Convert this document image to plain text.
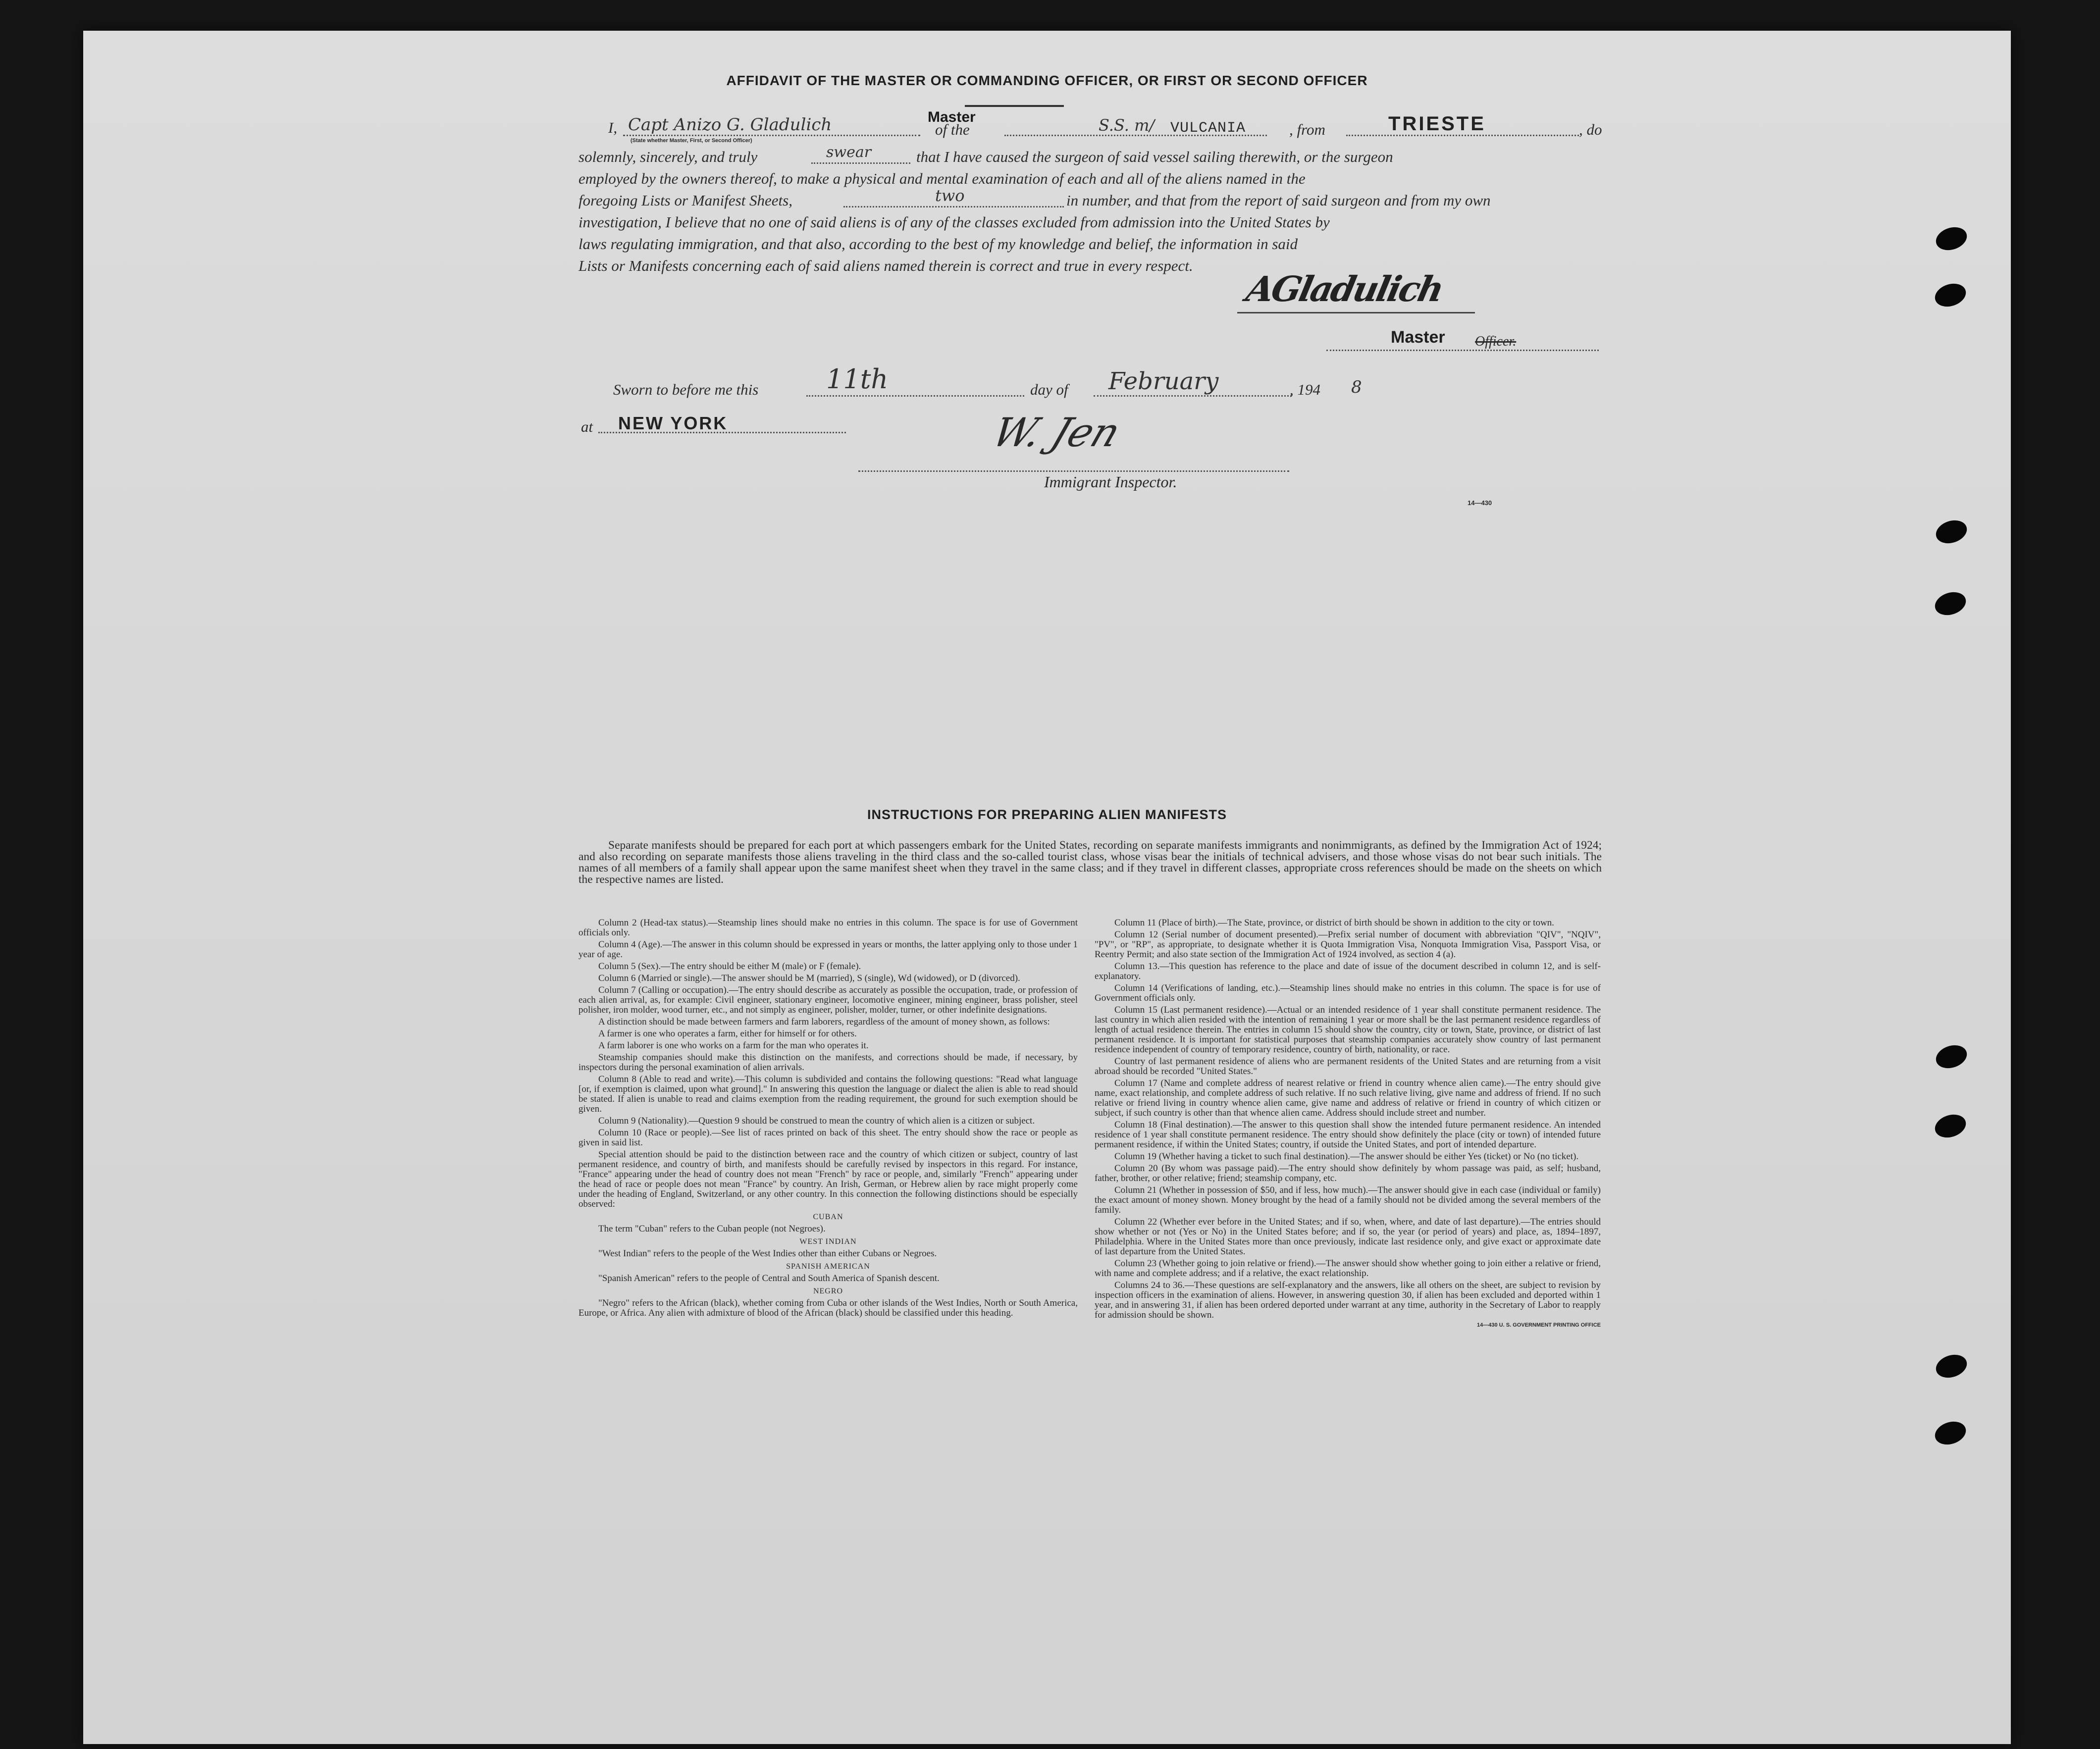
AFFIDAVIT OF THE MASTER OR COMMANDING OFFICER, OR FIRST OR SECOND OFFICER
I, Capt Anizo G. Gladulich
(State whether Master, First, or Second Officer)
Master
of the	S.S. m/ VULCANIA	, from	TRIESTE	, do
solemnly, sincerely, and truly	swear	that I have caused the surgeon of said vessel sailing therewith, or the surgeon
employed by the owners thereof, to make a physical and mental examination of each and all of the aliens named in the
foregoing Lists or Manifest Sheets,	two	in number, and that from the report of said surgeon and from my own
investigation, I believe that no one of said aliens is of any of the classes excluded from admission into the United States by
laws regulating immigration, and that also, according to the best of my knowledge and belief, the information in said
Lists or Manifests concerning each of said aliens named therein is correct and true in every respect.
AGladulich
Master Officer.
Sworn to before me this	11th	day of February	, 194 8
at NEW YORK	W. Jen
Immigrant Inspector.
14—430
INSTRUCTIONS FOR PREPARING ALIEN MANIFESTS
Separate manifests should be prepared for each port at which passengers embark for the United States, recording on separate manifests immigrants and nonimmigrants, as defined by the Immigration Act of 1924; and also recording on separate manifests those aliens traveling in the third class and the so-called tourist class, whose visas bear the initials of technical advisers, and those whose visas do not bear such initials. The names of all members of a family shall appear upon the same manifest sheet when they travel in the same class; and if they travel in different classes, appropriate cross references should be made on the sheets on which the respective names are listed.

Column 2 (Head-tax status).—Steamship lines should make no entries in this column. The space is for use of Government officials only.

Column 4 (Age).—The answer in this column should be expressed in years or months, the latter applying only to those under 1 year of age.

Column 5 (Sex).—The entry should be either M (male) or F (female).

Column 6 (Married or single).—The answer should be M (married), S (single), Wd (widowed), or D (divorced).

Column 7 (Calling or occupation).—The entry should describe as accurately as possible the occupation, trade, or profession of each alien arrival, as, for example: Civil engineer, stationary engineer, locomotive engineer, mining engineer, brass polisher, steel polisher, iron molder, wood turner, etc., and not simply as engineer, polisher, molder, turner, or other indefinite designations.

A distinction should be made between farmers and farm laborers, regardless of the amount of money shown, as follows:

A farmer is one who operates a farm, either for himself or for others.

A farm laborer is one who works on a farm for the man who operates it.

Steamship companies should make this distinction on the manifests, and corrections should be made, if necessary, by inspectors during the personal examination of alien arrivals.

Column 8 (Able to read and write).—This column is subdivided and contains the following questions: "Read what language [or, if exemption is claimed, upon what ground]." In answering this question the language or dialect the alien is able to read should be stated. If alien is unable to read and claims exemption from the reading requirement, the ground for such exemption should be given.

Column 9 (Nationality).—Question 9 should be construed to mean the country of which alien is a citizen or subject.

Column 10 (Race or people).—See list of races printed on back of this sheet. The entry should show the race or people as given in said list.

Special attention should be paid to the distinction between race and the country of which citizen or subject, country of last permanent residence, and country of birth, and manifests should be carefully revised by inspectors in this regard. For instance, "France" appearing under the head of country does not mean "French" by race or people, and, similarly "French" appearing under the head of race or people does not mean "France" by country. An Irish, German, or Hebrew alien by race might properly come under the heading of England, Switzerland, or any other country. In this connection the following distinctions should be especially observed:

CUBAN

The term "Cuban" refers to the Cuban people (not Negroes).

WEST INDIAN

"West Indian" refers to the people of the West Indies other than either Cubans or Negroes.

SPANISH AMERICAN

"Spanish American" refers to the people of Central and South America of Spanish descent.

NEGRO

"Negro" refers to the African (black), whether coming from Cuba or other islands of the West Indies, North or South America, Europe, or Africa. Any alien with admixture of blood of the African (black) should be classified under this heading.

Column 11 (Place of birth).—The State, province, or district of birth should be shown in addition to the city or town.

Column 12 (Serial number of document presented).—Prefix serial number of document with abbreviation "QIV", "NQIV", "PV", or "RP", as appropriate, to designate whether it is Quota Immigration Visa, Nonquota Immigration Visa, Passport Visa, or Reentry Permit; and also state section of the Immigration Act of 1924 involved, as section 4 (a).

Column 13.—This question has reference to the place and date of issue of the document described in column 12, and is self-explanatory.

Column 14 (Verifications of landing, etc.).—Steamship lines should make no entries in this column. The space is for use of Government officials only.

Column 15 (Last permanent residence).—Actual or an intended residence of 1 year shall constitute permanent residence. The last country in which alien resided with the intention of remaining 1 year or more shall be the last permanent residence regardless of length of actual residence therein. The entries in column 15 should show the country, city or town, State, province, or district of last permanent residence. It is important for statistical purposes that steamship companies accurately show country of last permanent residence independent of country of temporary residence, country of birth, nationality, or race.

Country of last permanent residence of aliens who are permanent residents of the United States and are returning from a visit abroad should be recorded "United States."

Column 17 (Name and complete address of nearest relative or friend in country whence alien came).—The entry should give name, exact relationship, and complete address of such relative. If no such relative living, give name and address of friend. If no such relative or friend living in country whence alien came, give name and address of relative or friend in country of which citizen or subject, if such country is other than that whence alien came. Address should include street and number.

Column 18 (Final destination).—The answer to this question shall show the intended future permanent residence. An intended residence of 1 year shall constitute permanent residence. The entry should show definitely the place (city or town) of intended future permanent residence, if within the United States; country, if outside the United States, and port of intended departure.

Column 19 (Whether having a ticket to such final destination).—The answer should be either Yes (ticket) or No (no ticket).

Column 20 (By whom was passage paid).—The entry should show definitely by whom passage was paid, as self; husband, father, brother, or other relative; friend; steamship company, etc.

Column 21 (Whether in possession of $50, and if less, how much).—The answer should give in each case (individual or family) the exact amount of money shown. Money brought by the head of a family should not be divided among the several members of the family.

Column 22 (Whether ever before in the United States; and if so, when, where, and date of last departure).—The entries should show whether or not (Yes or No) in the United States before; and if so, the year (or period of years) and place, as, 1894–1897, Philadelphia. Where in the United States more than once previously, indicate last residence only, and give exact or approximate date of last departure from the United States.

Column 23 (Whether going to join relative or friend).—The answer should show whether going to join either a relative or friend, with name and complete address; and if a relative, the exact relationship.

Columns 24 to 36.—These questions are self-explanatory and the answers, like all others on the sheet, are subject to revision by inspection officers in the examination of aliens. However, in answering question 30, if alien has been excluded and deported within 1 year, and in answering 31, if alien has been ordered deported under warrant at any time, authority in the Secretary of Labor to reapply for admission should be shown.

14—430 U. S. GOVERNMENT PRINTING OFFICE
